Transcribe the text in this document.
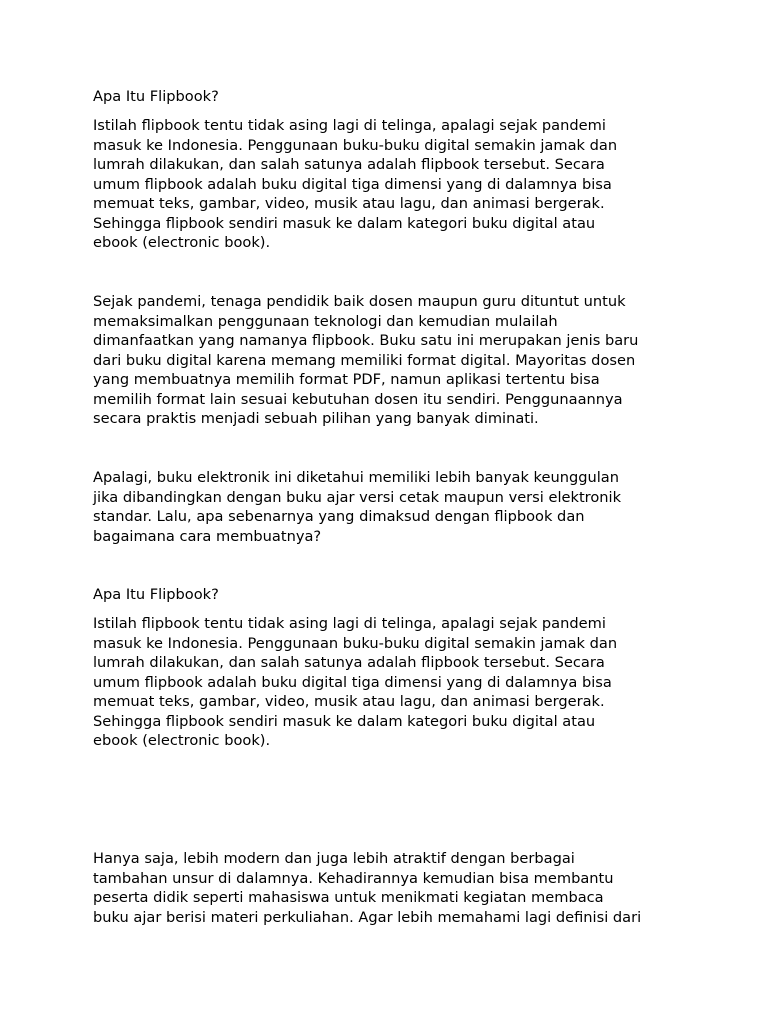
Apa Itu Flipbook?

Istilah flipbook tentu tidak asing lagi di telinga, apalagi sejak pandemi
masuk ke Indonesia. Penggunaan buku-buku digital semakin jamak dan
lumrah dilakukan, dan salah satunya adalah flipbook tersebut. Secara
umum flipbook adalah buku digital tiga dimensi yang di dalamnya bisa
memuat teks, gambar, video, musik atau lagu, dan animasi bergerak.
Sehingga flipbook sendiri masuk ke dalam kategori buku digital atau
ebook (electronic book).

Sejak pandemi, tenaga pendidik baik dosen maupun guru dituntut untuk
memaksimalkan penggunaan teknologi dan kemudian mulailah
dimanfaatkan yang namanya flipbook. Buku satu ini merupakan jenis baru
dari buku digital karena memang memiliki format digital. Mayoritas dosen
yang membuatnya memilih format PDF, namun aplikasi tertentu bisa
memilih format lain sesuai kebutuhan dosen itu sendiri. Penggunaannya
secara praktis menjadi sebuah pilihan yang banyak diminati.

Apalagi, buku elektronik ini diketahui memiliki lebih banyak keunggulan
jika dibandingkan dengan buku ajar versi cetak maupun versi elektronik
standar. Lalu, apa sebenarnya yang dimaksud dengan flipbook dan
bagaimana cara membuatnya?

Apa Itu Flipbook?

Istilah flipbook tentu tidak asing lagi di telinga, apalagi sejak pandemi
masuk ke Indonesia. Penggunaan buku-buku digital semakin jamak dan
lumrah dilakukan, dan salah satunya adalah flipbook tersebut. Secara
umum flipbook adalah buku digital tiga dimensi yang di dalamnya bisa
memuat teks, gambar, video, musik atau lagu, dan animasi bergerak.
Sehingga flipbook sendiri masuk ke dalam kategori buku digital atau
ebook (electronic book).

Hanya saja, lebih modern dan juga lebih atraktif dengan berbagai
tambahan unsur di dalamnya. Kehadirannya kemudian bisa membantu
peserta didik seperti mahasiswa untuk menikmati kegiatan membaca
buku ajar berisi materi perkuliahan. Agar lebih memahami lagi definisi dari
